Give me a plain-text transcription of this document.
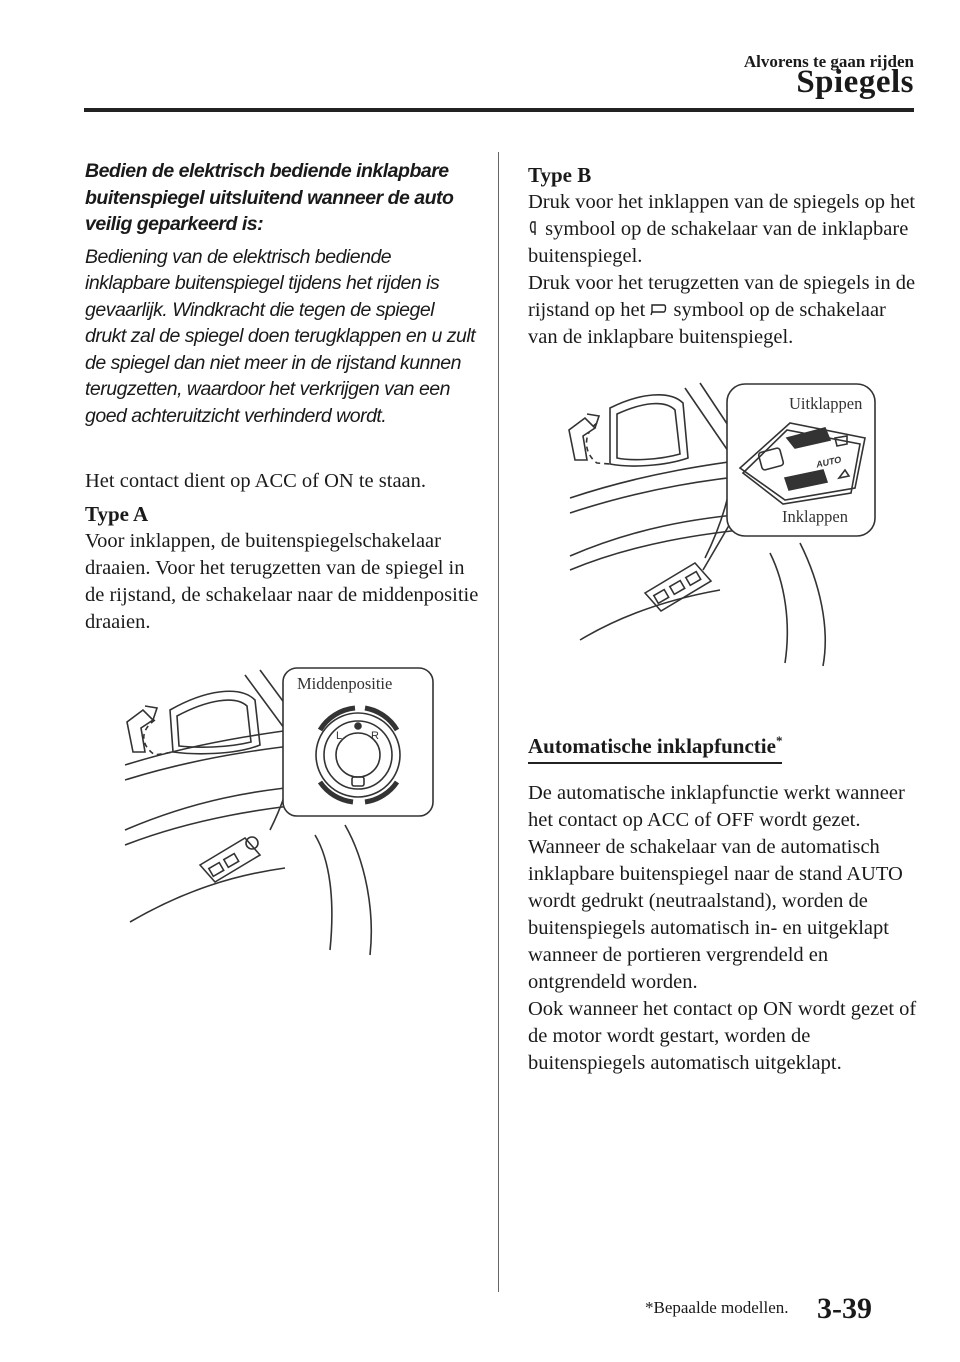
Alvorens te gaan rijden
Spiegels
Bedien de elektrisch bediende inklapbare buitenspiegel uitsluitend wanneer de auto veilig geparkeerd is:

Bediening van de elektrisch bediende inklapbare buitenspiegel tijdens het rijden is gevaarlijk. Windkracht die tegen de spiegel drukt zal de spiegel doen terugklappen en u zult de spiegel dan niet meer in de rijstand kunnen terugzetten, waardoor het verkrijgen van een goed achteruitzicht verhinderd wordt.

Het contact dient op ACC of ON te staan.

Type A

Voor inklappen, de buitenspiegelschakelaar draaien. Voor het terugzetten van de spiegel in de rijstand, de schakelaar naar de middenpositie draaien.

Middenpositie
L	R

Type B

Druk voor het inklappen van de spiegels op het  symbool op de schakelaar van de inklapbare buitenspiegel.

Druk voor het terugzetten van de spiegels in de rijstand op het  symbool op de schakelaar van de inklapbare buitenspiegel.

Uitklappen
Inklappen
AUTO
Automatische inklapfunctie*

De automatische inklapfunctie werkt wanneer het contact op ACC of OFF wordt gezet.

Wanneer de schakelaar van de automatisch inklapbare buitenspiegel naar de stand AUTO wordt gedrukt (neutraalstand), worden de buitenspiegels automatisch in- en uitgeklapt wanneer de portieren vergrendeld en ontgrendeld worden.

Ook wanneer het contact op ON wordt gezet of de motor wordt gestart, worden de buitenspiegels automatisch uitgeklapt.

*Bepaalde modellen. 3-39
